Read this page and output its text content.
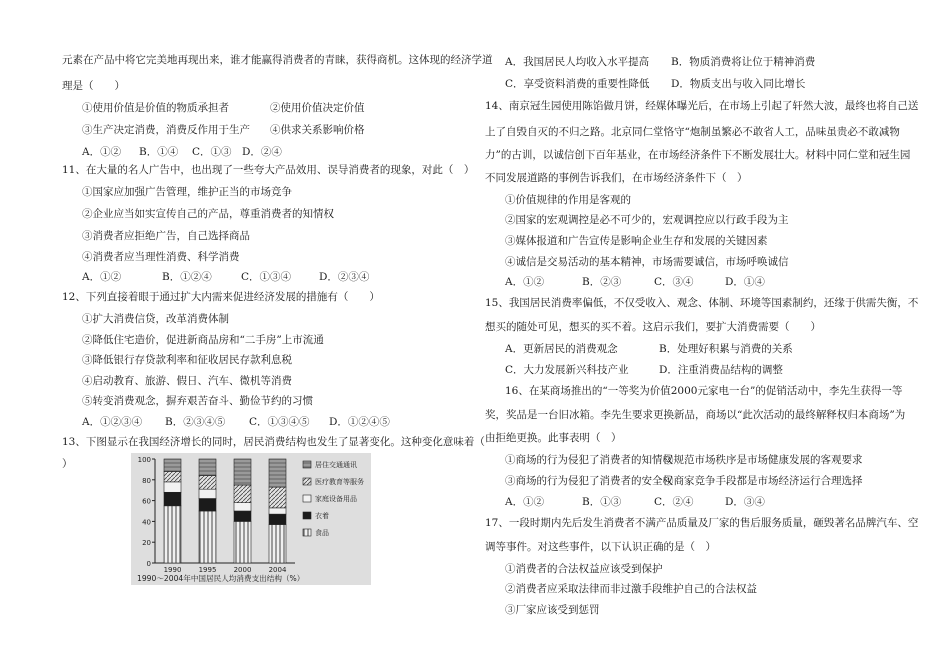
元素在产品中将它完美地再现出来，谁才能赢得消费者的青睐，获得商机。这体现的经济学道
理是（　　）
①使用价值是价值的物质承担者	②使用价值决定价值
③生产决定消费，消费反作用于生产 ④供求关系影响价格
A．①② B．①④ C．①③ D．②④
11、在大量的名人广告中，也出现了一些夸大产品效用、误导消费者的现象，对此（　）
①国家应加强广告管理，维护正当的市场竞争
②企业应当如实宣传自己的产品，尊重消费者的知情权
③消费者应拒绝广告，自己选择商品
④消费者应当理性消费、科学消费
A．①②	B．①②④	C．①③④	D．②③④
12、下列直接着眼于通过扩大内需来促进经济发展的措施有（　　）
①扩大消费信贷，改革消费体制
②降低住宅造价，促进新商品房和“二手房”上市流通
③降低银行存贷款利率和征收居民存款利息税
④启动教育、旅游、假日、汽车、微机等消费
⑤转变消费观念，摒弃艰苦奋斗、勤俭节约的习惯
A．①②③④ B．②③④⑤ C．①③④⑤ D．①②④⑤
13、下图显示在我国经济增长的同时，居民消费结构也发生了显著变化。这种变化意味着（
）
0
20
40
60
80
100
1990 1995 2000 2004
居住交通通讯
医疗教育等服务
家庭设备用品
衣着
食品
1990～2004年中国居民人均消费支出结构（%）
A．我国居民人均收入水平提高 B．物质消费将让位于精神消费
C．享受资料消费的重要性降低 D．物质支出与收入同比增长
14、南京冠生园使用陈馅做月饼，经媒体曝光后，在市场上引起了轩然大波，最终也将自己送
上了自毁自灭的不归之路。北京同仁堂恪守“炮制虽繁必不敢省人工，品味虽贵必不敢减物
力”的古训，以诚信创下百年基业，在市场经济条件下不断发展壮大。材料中同仁堂和冠生园
不同发展道路的事例告诉我们，在市场经济条件下（　）
①价值规律的作用是客观的
②国家的宏观调控是必不可少的，宏观调控应以行政手段为主
③媒体报道和广告宣传是影响企业生存和发展的关键因素
④诚信是交易活动的基本精神，市场需要诚信，市场呼唤诚信
A．①②	B．②③	C．③④	D．①④
15、我国居民消费率偏低，不仅受收入、观念、体制、环境等国素制约，还缘于供需失衡，不
想买的随处可见，想买的买不着。这启示我们，要扩大消费需要（　　）
A．更新居民的消费观念	B．处理好积累与消费的关系
C．大力发展新兴科技产业	D．注重消费品结构的调整
16、在某商场推出的“一等奖为价值2000元家电一台”的促销活动中，李先生获得一等
奖，奖品是一台旧冰箱。李先生要求更换新品，商场以“此次活动的最终解释权归本商场”为
由拒绝更换。此事表明（　）
①商场的行为侵犯了消费者的知情权
②规范市场秩序是市场健康发展的客观要求
③商场的行为侵犯了消费者的安全权
④商家竞争手段都是市场经济运行合理选择
A．①②	B．①③	C．②④	D．③④
17、一段时期内先后发生消费者不满产品质量及厂家的售后服务质量，砸毁著名品牌汽车、空
调等事件。对这些事件，以下认识正确的是（　）
①消费者的合法权益应该受到保护
②消费者应采取法律而非过激手段维护自己的合法权益
③厂家应该受到惩罚
